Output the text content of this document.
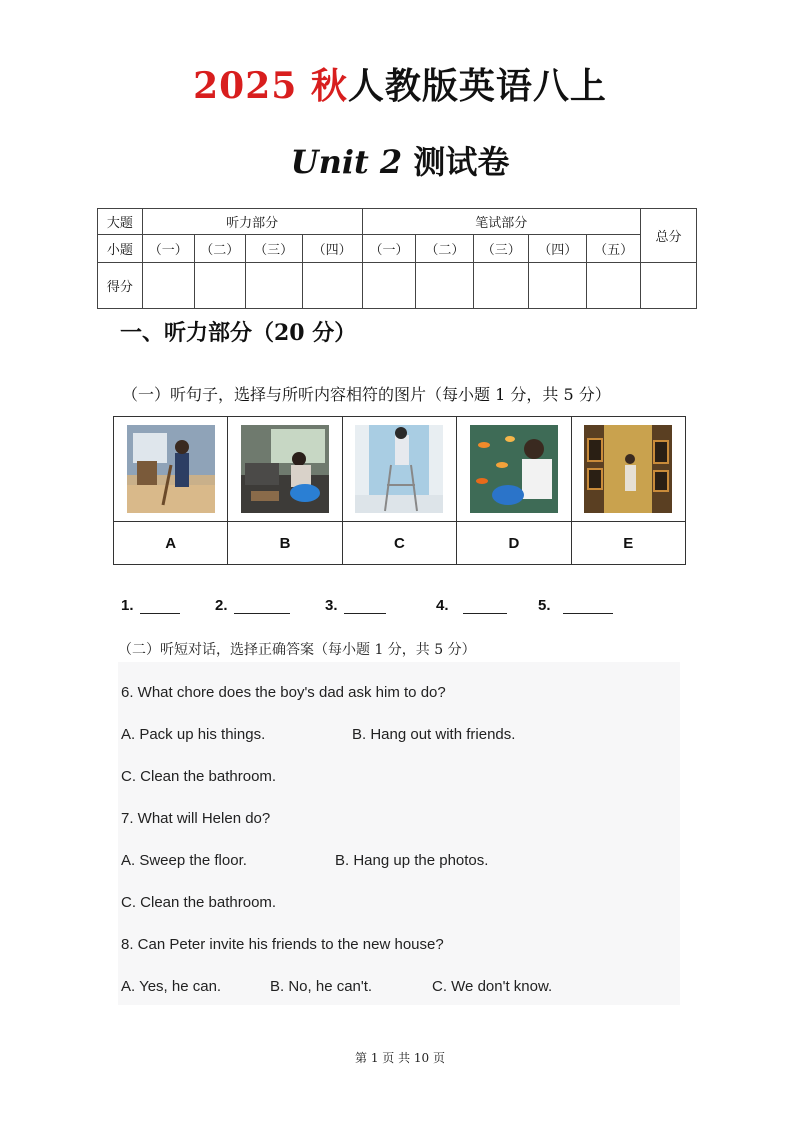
2025 秋人教版英语八上
Unit 2 测试卷
大题	听力部分				笔试部分					总分
小题	（一）	（二）	（三）	（四）	（一）	（二）	（三）	（四）	（五）	
得分										
一、听力部分（20 分）
（一）听句子，选择与所听内容相符的图片（每小题 1 分，共 5 分）

A	B	C	D	E
1.	2.	3.	4.	5.
（二）听短对话，选择正确答案（每小题 1 分，共 5 分）
6. What chore does the boy's dad ask him to do?
A. Pack up his things.	B. Hang out with friends.
C. Clean the bathroom.
7. What will Helen do?
A. Sweep the floor.	B. Hang up the photos.
C. Clean the bathroom.
8. Can Peter invite his friends to the new house?
A. Yes, he can.	B. No, he can't.	C. We don't know.
第 1 页 共 10 页
